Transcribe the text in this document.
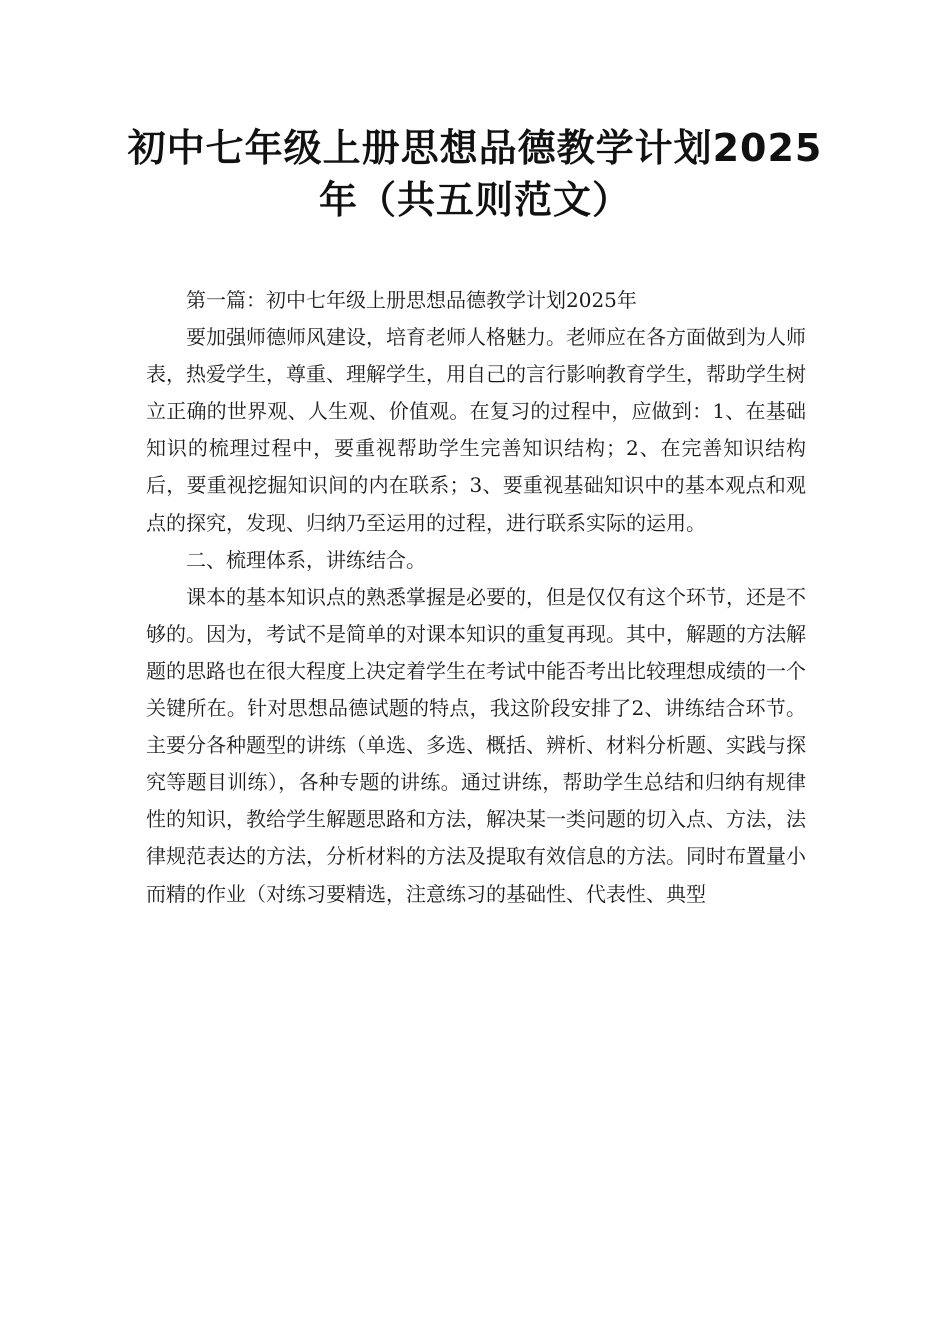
初中七年级上册思想品德教学计划2025年（共五则范文）

第一篇：初中七年级上册思想品德教学计划2025年

要加强师德师风建设，培育老师人格魅力。老师应在各方面做到为人师表，热爱学生，尊重、理解学生，用自己的言行影响教育学生，帮助学生树立正确的世界观、人生观、价值观。在复习的过程中，应做到：1、在基础知识的梳理过程中，要重视帮助学生完善知识结构；2、在完善知识结构后，要重视挖掘知识间的内在联系；3、要重视基础知识中的基本观点和观点的探究，发现、归纳乃至运用的过程，进行联系实际的运用。

二、梳理体系，讲练结合。

课本的基本知识点的熟悉掌握是必要的，但是仅仅有这个环节，还是不够的。因为，考试不是简单的对课本知识的重复再现。其中，解题的方法解题的思路也在很大程度上决定着学生在考试中能否考出比较理想成绩的一个关键所在。针对思想品德试题的特点，我这阶段安排了2、讲练结合环节。主要分各种题型的讲练（单选、多选、概括、辨析、材料分析题、实践与探究等题目训练），各种专题的讲练。通过讲练，帮助学生总结和归纳有规律性的知识，教给学生解题思路和方法，解决某一类问题的切入点、方法，法律规范表达的方法，分析材料的方法及提取有效信息的方法。同时布置量小而精的作业（对练习要精选，注意练习的基础性、代表性、典型
